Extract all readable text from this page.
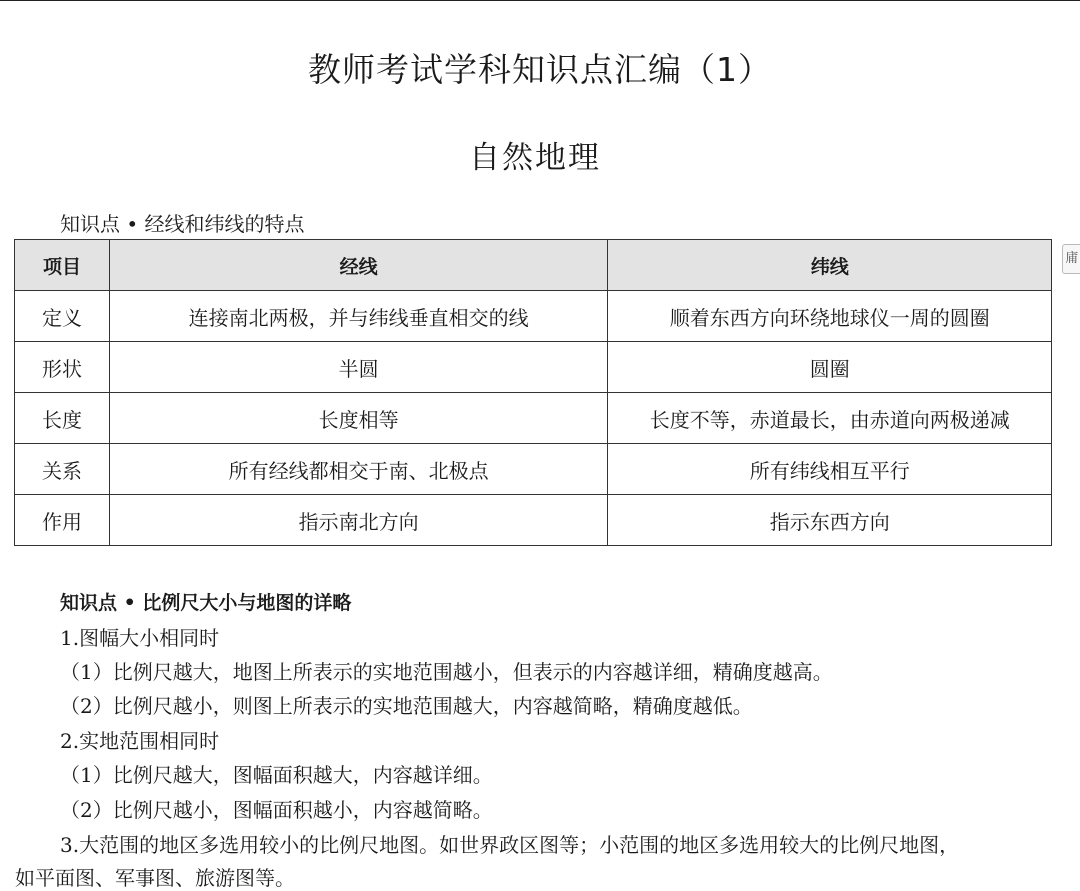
教师考试学科知识点汇编（1）
自然地理
知识点 • 经线和纬线的特点
项目	经线	纬线
定义	连接南北两极，并与纬线垂直相交的线	顺着东西方向环绕地球仪一周的圆圈
形状	半圆	圆圈
长度	长度相等	长度不等，赤道最长，由赤道向两极递减
关系	所有经线都相交于南、北极点	所有纬线相互平行
作用	指示南北方向	指示东西方向
庯
知识点 • 比例尺大小与地图的详略
1.图幅大小相同时
（1）比例尺越大，地图上所表示的实地范围越小，但表示的内容越详细，精确度越高。
（2）比例尺越小，则图上所表示的实地范围越大，内容越简略，精确度越低。
2.实地范围相同时
（1）比例尺越大，图幅面积越大，内容越详细。
（2）比例尺越小，图幅面积越小，内容越简略。
3.大范围的地区多选用较小的比例尺地图。如世界政区图等；小范围的地区多选用较大的比例尺地图，
如平面图、军事图、旅游图等。
